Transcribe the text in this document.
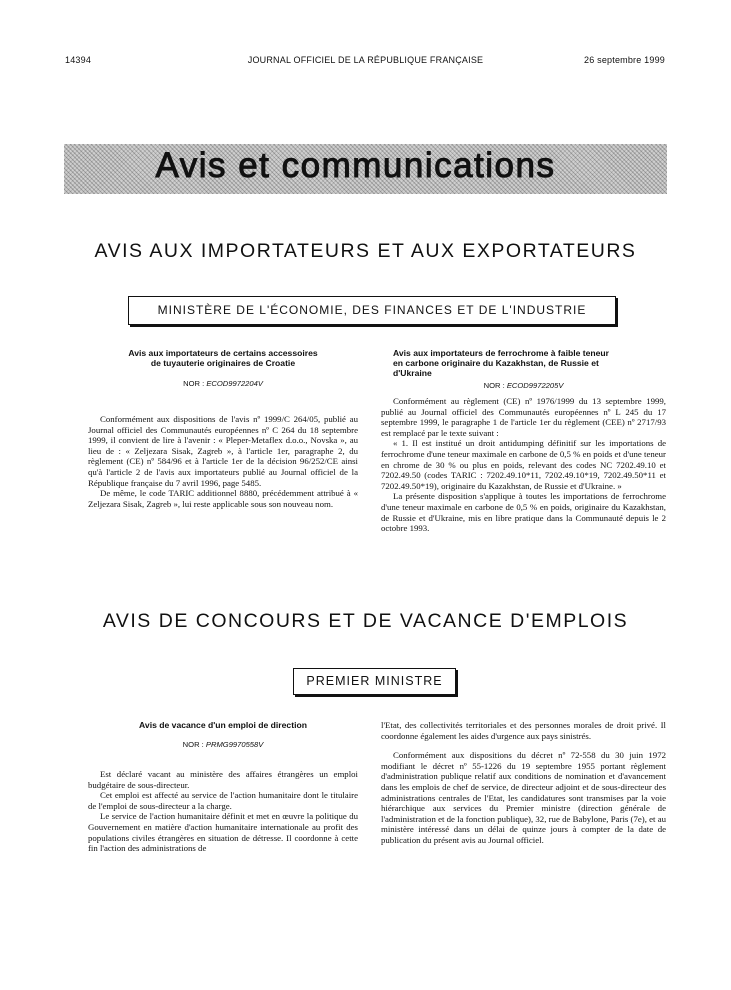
14394	JOURNAL OFFICIEL DE LA RÉPUBLIQUE FRANÇAISE	26 septembre 1999
Avis et communications
AVIS AUX IMPORTATEURS ET AUX EXPORTATEURS
MINISTÈRE DE L'ÉCONOMIE, DES FINANCES ET DE L'INDUSTRIE
Avis aux importateurs de certains accessoires
de tuyauterie originaires de Croatie
NOR : ECOD9972204V

Conformément aux dispositions de l'avis nº 1999/C 264/05, publié au Journal officiel des Communautés européennes nº C 264 du 18 septembre 1999, il convient de lire à l'avenir : « Pleper-Metaflex d.o.o., Novska », au lieu de : « Zeljezara Sisak, Zagreb », à l'article 1er, paragraphe 2, du règlement (CE) nº 584/96 et à l'article 1er de la décision 96/252/CE ainsi qu'à l'article 2 de l'avis aux importateurs publié au Journal officiel de la République française du 7 avril 1996, page 5485.

De même, le code TARIC additionnel 8880, précédemment attribué à « Zeljezara Sisak, Zagreb », lui reste applicable sous son nouveau nom.

Avis aux importateurs de ferrochrome à faible teneur
en carbone originaire du Kazakhstan, de Russie et
d'Ukraine
NOR : ECOD9972205V

Conformément au règlement (CE) nº 1976/1999 du 13 septembre 1999, publié au Journal officiel des Communautés européennes nº L 245 du 17 septembre 1999, le paragraphe 1 de l'article 1er du règlement (CEE) nº 2717/93 est remplacé par le texte suivant :

« 1. Il est institué un droit antidumping définitif sur les importations de ferrochrome d'une teneur maximale en carbone de 0,5 % en poids et d'une teneur en chrome de 30 % ou plus en poids, relevant des codes NC 7202.49.10 et 7202.49.50 (codes TARIC : 7202.49.10*11, 7202.49.10*19, 7202.49.50*11 et 7202.49.50*19), originaire du Kazakhstan, de Russie et d'Ukraine. »

La présente disposition s'applique à toutes les importations de ferrochrome d'une teneur maximale en carbone de 0,5 % en poids, originaire du Kazakhstan, de Russie et d'Ukraine, mis en libre pratique dans la Communauté depuis le 2 octobre 1993.

AVIS DE CONCOURS ET DE VACANCE D'EMPLOIS
PREMIER MINISTRE
Avis de vacance d'un emploi de direction
NOR : PRMG9970558V

Est déclaré vacant au ministère des affaires étrangères un emploi budgétaire de sous-directeur.

Cet emploi est affecté au service de l'action humanitaire dont le titulaire de l'emploi de sous-directeur a la charge.

Le service de l'action humanitaire définit et met en œuvre la politique du Gouvernement en matière d'action humanitaire internationale au profit des populations civiles étrangères en situation de détresse. Il coordonne à cette fin l'action des administrations de

l'Etat, des collectivités territoriales et des personnes morales de droit privé. Il coordonne également les aides d'urgence aux pays sinistrés.

Conformément aux dispositions du décret nº 72-558 du 30 juin 1972 modifiant le décret nº 55-1226 du 19 septembre 1955 portant règlement d'administration publique relatif aux conditions de nomination et d'avancement dans les emplois de chef de service, de directeur adjoint et de sous-directeur des administrations centrales de l'Etat, les candidatures sont transmises par la voie hiérarchique aux services du Premier ministre (direction générale de l'administration et de la fonction publique), 32, rue de Babylone, Paris (7e), et au ministère intéressé dans un délai de quinze jours à compter de la date de publication du présent avis au Journal officiel.
